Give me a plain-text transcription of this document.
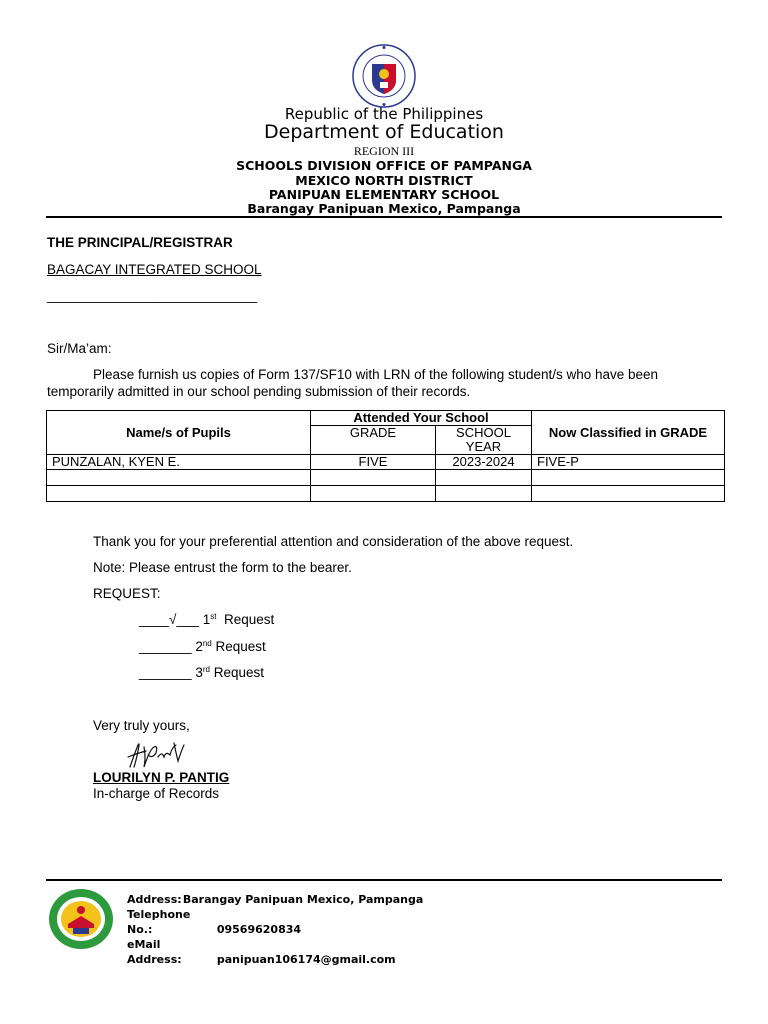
Republic of the Philippines
Department of Education
REGION III
SCHOOLS DIVISION OFFICE OF PAMPANGA
MEXICO NORTH DISTRICT
PANIPUAN ELEMENTARY SCHOOL
Barangay Panipuan Mexico, Pampanga
THE PRINCIPAL/REGISTRAR
BAGACAY INTEGRATED SCHOOL
____________________________
Sir/Ma’am:
Please furnish us copies of Form 137/SF10 with LRN of the following student/s who have been
temporarily admitted in our school pending submission of their records.
Name/s of Pupils	Attended Your School		Now Classified in GRADE
	GRADE	SCHOOL
YEAR	
PUNZALAN, KYEN E.	FIVE	2023-2024	FIVE-P

Thank you for your preferential attention and consideration of the above request.
Note: Please entrust the form to the bearer.
REQUEST:
____√___ 1st Request
_______ 2nd Request
_______ 3rd Request
Very truly yours,
LOURILYN P. PANTIG
In-charge of Records
Address: Barangay Panipuan Mexico, Pampanga
Telephone No.:	09569620834
eMail Address:	panipuan106174@gmail.com
